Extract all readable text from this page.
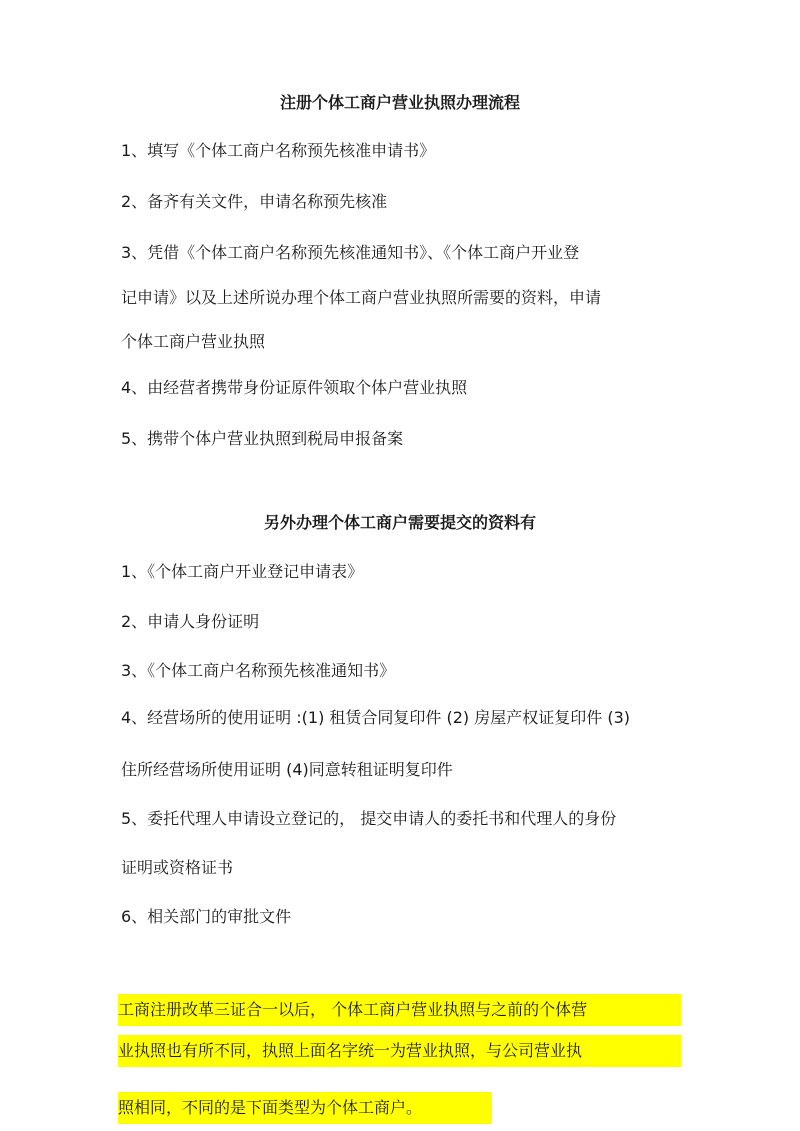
注册个体工商户营业执照办理流程

1、填写《个体工商户名称预先核准申请书》

2、备齐有关文件，申请名称预先核准

3、凭借《个体工商户名称预先核准通知书》、《个体工商户开业登

记申请》以及上述所说办理个体工商户营业执照所需要的资料，申请

个体工商户营业执照

4、由经营者携带身份证原件领取个体户营业执照

5、携带个体户营业执照到税局申报备案

另外办理个体工商户需要提交的资料有

1、《个体工商户开业登记申请表》

2、申请人身份证明

3、《个体工商户名称预先核准通知书》

4、经营场所的使用证明 :(1) 租赁合同复印件 (2) 房屋产权证复印件 (3)

住所经营场所使用证明 (4)同意转租证明复印件

5、委托代理人申请设立登记的， 提交申请人的委托书和代理人的身份

证明或资格证书

6、相关部门的审批文件

工商注册改革三证合一以后， 个体工商户营业执照与之前的个体营
业执照也有所不同，执照上面名字统一为营业执照，与公司营业执
照相同，不同的是下面类型为个体工商户。
